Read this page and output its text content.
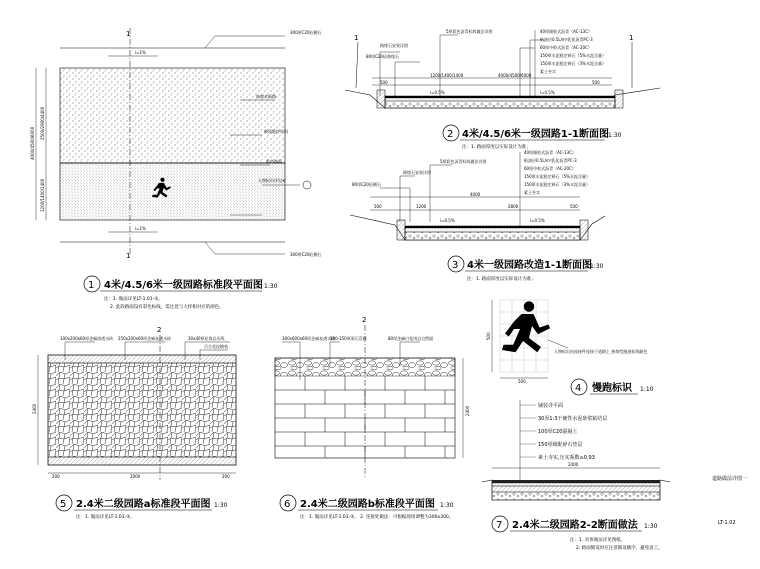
1
1
i=1%
i=1%
4000/4500/6000
2500/2900/4400
1200/1400/1400
300厚C20砼侧石
防腐木板路
硬质地坪材料
彩色路面
人物标识详见④
300厚C20砼侧石
1 4米/4.5/6米一级园路标准段平面图 1:30
注：1. 做法详见LT-1.01-②。
2. 此段路面设有彩色标线，需注意与大样相对应的颜色。
1	1
500
1200/1400/1400	4000/4500/6000
500
i=0.5%	i=0.5%
路缘石安装详图
5厚彩色沥青标线做法详图
80厚C20砼路缘石
40厚细粒式沥青（AC-13C）
粘油层0.5L/m²乳化沥青PC-3
60厚中粒式沥青（AC-20C）
150厚水泥稳定碎石（5%水泥含量）
150厚水泥稳定碎石（3%水泥含量）
素土夯实
2 4米/4.5/6米一级园路1-1断面图
1:30
注：1. 路面厚度以实际设计为准；
500	1200	2800	500
4000
i=0.5%	i=0.5%
路缘石安装详图
5厚彩色沥青标线做法详图
80厚C20砼侧石
40厚细粒式沥青（AC-13C）
粘油层0.5L/m²乳化沥青PC-3
60厚中粒式沥青（AC-20C）
150厚水泥稳定碎石（5%水泥含量）
150厚水泥稳定碎石（3%水泥含量）
素土夯实
3 4米一级园路改造1-1断面图
1:30
注：1. 路面厚度以实际设计为准；
人物标识由连接件连接于道路上 热熔型跑道标线颜色
500
500
4 慢跑标识 1:10
2
100x200x60厚芝麻黑透水砖 250x200x60厚芝麻灰透水砖	30x40厚花岗岩压线
百合花纹铺装
2400
200	2000	200
5 2.4米二级园路a标准段平面图 1:30
注：1. 做法详见LT-1.01-②。
2
300x600x60厚芝麻灰透水砖
100-150厚原石荒料	80厚芝麻白花岗岩自然面
2400
6 2.4米二级园路b标准段平面图 1:30
注：1. 做法详见LT-1.01-②。 2. 连接处做法：可根据现场调整为300x300。
铺装详平面
30厚1:3干硬性水泥砂浆粘结层
100厚C20混凝土
150厚级配碎石垫层
素土夯实,压实系数≥0.93
2400
7 2.4米二级园路2-2断面做法 1:30
注：1. 具体做法详见图纸。
2. 路面铺设时应注意铺设顺序，避免返工。
道路做法详图一
LT-1.02
